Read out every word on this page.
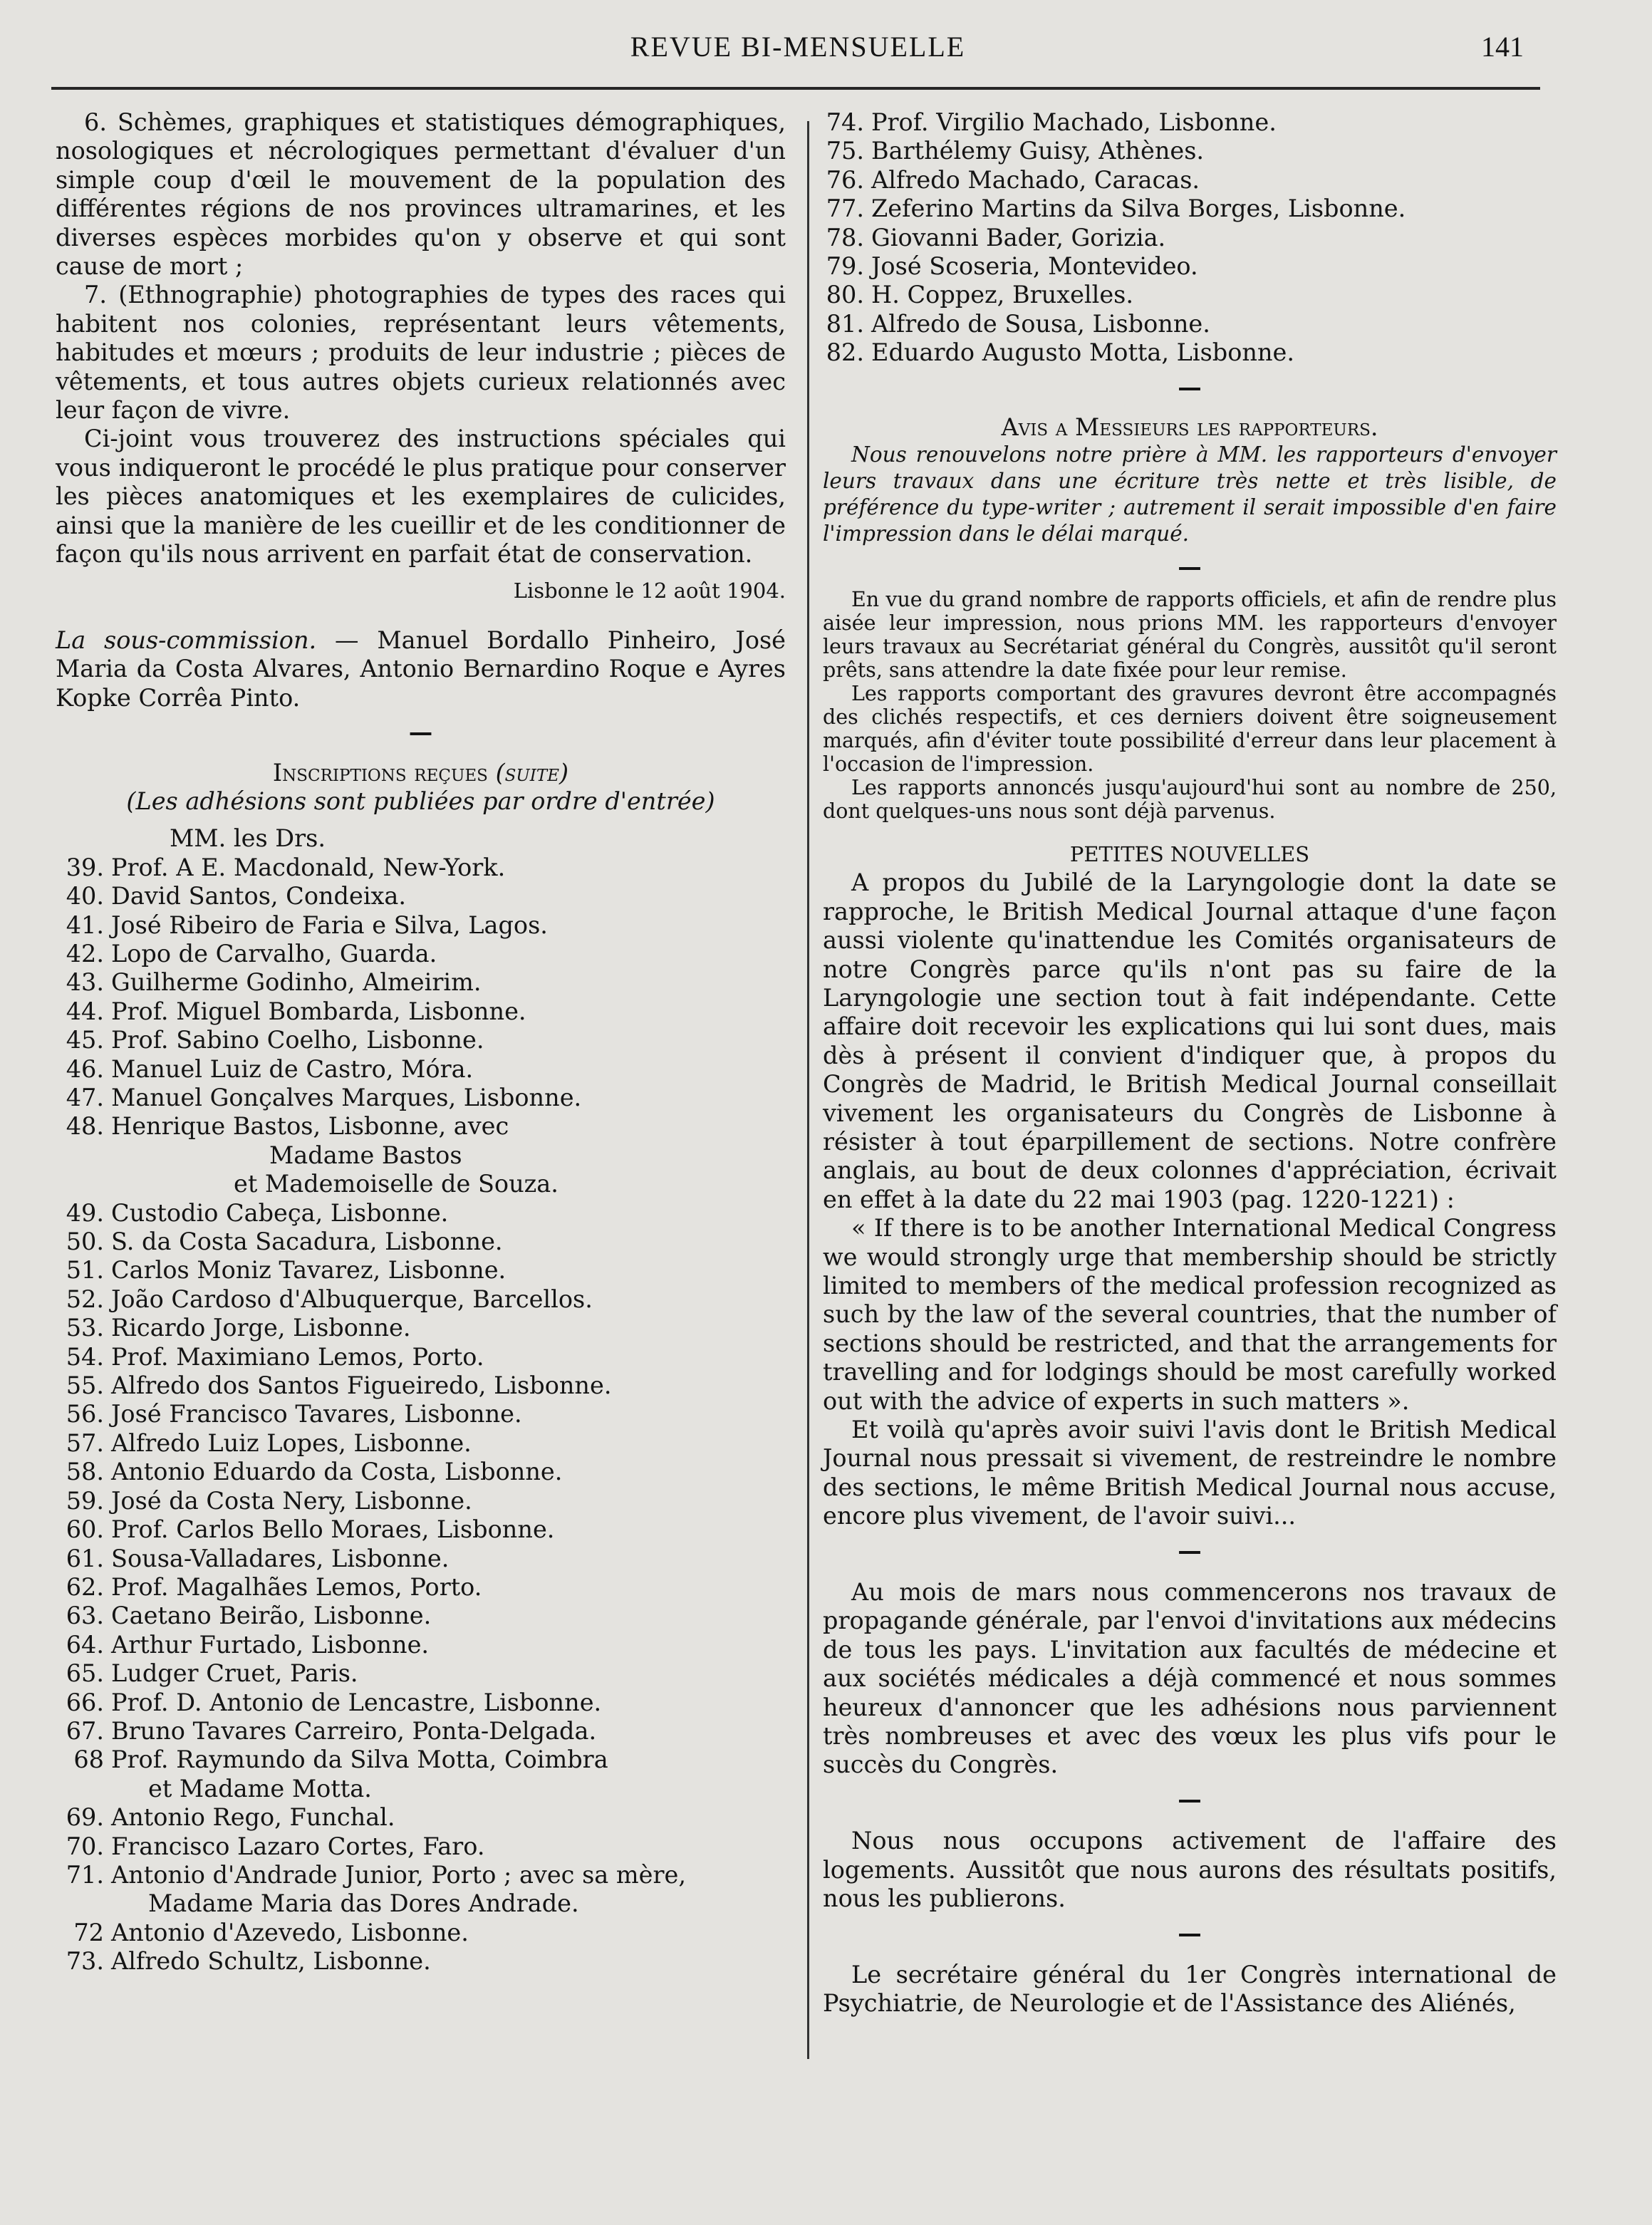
REVUE BI-MENSUELLE	141

6. Schèmes, graphiques et statistiques démographiques, nosologiques et nécrologiques permettant d'évaluer d'un simple coup d'œil le mouvement de la population des différentes régions de nos provinces ultramarines, et les diverses espèces morbides qu'on y observe et qui sont cause de mort ;

7. (Ethnographie) photographies de types des races qui habitent nos colonies, représentant leurs vêtements, habitudes et mœurs ; produits de leur industrie ; pièces de vêtements, et tous autres objets curieux relationnés avec leur façon de vivre.

Ci-joint vous trouverez des instructions spéciales qui vous indiqueront le procédé le plus pratique pour conserver les pièces anatomiques et les exemplaires de culicides, ainsi que la manière de les cueillir et de les conditionner de façon qu'ils nous arrivent en parfait état de conservation.

Lisbonne le 12 août 1904.

La sous-commission. — Manuel Bordallo Pinheiro, José Maria da Costa Alvares, Antonio Bernardino Roque e Ayres Kopke Corrêa Pinto.

—

Inscriptions reçues (suite)

(Les adhésions sont publiées par ordre d'entrée)

MM. les Drs.

39. Prof. A E. Macdonald, New-York.
40. David Santos, Condeixa.
41. José Ribeiro de Faria e Silva, Lagos.
42. Lopo de Carvalho, Guarda.
43. Guilherme Godinho, Almeirim.
44. Prof. Miguel Bombarda, Lisbonne.
45. Prof. Sabino Coelho, Lisbonne.
46. Manuel Luiz de Castro, Móra.
47. Manuel Gonçalves Marques, Lisbonne.
48. Henrique Bastos, Lisbonne, avec
Madame Bastos
et Mademoiselle de Souza.
49. Custodio Cabeça, Lisbonne.
50. S. da Costa Sacadura, Lisbonne.
51. Carlos Moniz Tavarez, Lisbonne.
52. João Cardoso d'Albuquerque, Barcellos.
53. Ricardo Jorge, Lisbonne.
54. Prof. Maximiano Lemos, Porto.
55. Alfredo dos Santos Figueiredo, Lisbonne.
56. José Francisco Tavares, Lisbonne.
57. Alfredo Luiz Lopes, Lisbonne.
58. Antonio Eduardo da Costa, Lisbonne.
59. José da Costa Nery, Lisbonne.
60. Prof. Carlos Bello Moraes, Lisbonne.
61. Sousa-Valladares, Lisbonne.
62. Prof. Magalhães Lemos, Porto.
63. Caetano Beirão, Lisbonne.
64. Arthur Furtado, Lisbonne.
65. Ludger Cruet, Paris.
66. Prof. D. Antonio de Lencastre, Lisbonne.
67. Bruno Tavares Carreiro, Ponta-Delgada.
68 Prof. Raymundo da Silva Motta, Coimbra
et Madame Motta.
69. Antonio Rego, Funchal.
70. Francisco Lazaro Cortes, Faro.
71. Antonio d'Andrade Junior, Porto ; avec sa mère,
Madame Maria das Dores Andrade.
72 Antonio d'Azevedo, Lisbonne.
73. Alfredo Schultz, Lisbonne.
74. Prof. Virgilio Machado, Lisbonne.
75. Barthélemy Guisy, Athènes.
76. Alfredo Machado, Caracas.
77. Zeferino Martins da Silva Borges, Lisbonne.
78. Giovanni Bader, Gorizia.
79. José Scoseria, Montevideo.
80. H. Coppez, Bruxelles.
81. Alfredo de Sousa, Lisbonne.
82. Eduardo Augusto Motta, Lisbonne.

—

Avis a Messieurs les rapporteurs.

Nous renouvelons notre prière à MM. les rapporteurs d'envoyer leurs travaux dans une écriture très nette et très lisible, de préférence du type-writer ; autrement il serait impossible d'en faire l'impression dans le délai marqué.

—

En vue du grand nombre de rapports officiels, et afin de rendre plus aisée leur impression, nous prions MM. les rapporteurs d'envoyer leurs travaux au Secrétariat général du Congrès, aussitôt qu'il seront prêts, sans attendre la date fixée pour leur remise.

Les rapports comportant des gravures devront être accompagnés des clichés respectifs, et ces derniers doivent être soigneusement marqués, afin d'éviter toute possibilité d'erreur dans leur placement à l'occasion de l'impression.

Les rapports annoncés jusqu'aujourd'hui sont au nombre de 250, dont quelques-uns nous sont déjà parvenus.

PETITES NOUVELLES

A propos du Jubilé de la Laryngologie dont la date se rapproche, le British Medical Journal attaque d'une façon aussi violente qu'inattendue les Comités organisateurs de notre Congrès parce qu'ils n'ont pas su faire de la Laryngologie une section tout à fait indépendante. Cette affaire doit recevoir les explications qui lui sont dues, mais dès à présent il convient d'indiquer que, à propos du Congrès de Madrid, le British Medical Journal conseillait vivement les organisateurs du Congrès de Lisbonne à résister à tout éparpillement de sections. Notre confrère anglais, au bout de deux colonnes d'appréciation, écrivait en effet à la date du 22 mai 1903 (pag. 1220-1221) :

« If there is to be another International Medical Congress we would strongly urge that membership should be strictly limited to members of the medical profession recognized as such by the law of the several countries, that the number of sections should be restricted, and that the arrangements for travelling and for lodgings should be most carefully worked out with the advice of experts in such matters ».

Et voilà qu'après avoir suivi l'avis dont le British Medical Journal nous pressait si vivement, de restreindre le nombre des sections, le même British Medical Journal nous accuse, encore plus vivement, de l'avoir suivi...

—

Au mois de mars nous commencerons nos travaux de propagande générale, par l'envoi d'invitations aux médecins de tous les pays. L'invitation aux facultés de médecine et aux sociétés médicales a déjà commencé et nous sommes heureux d'annoncer que les adhésions nous parviennent très nombreuses et avec des vœux les plus vifs pour le succès du Congrès.

—

Nous nous occupons activement de l'affaire des logements. Aussitôt que nous aurons des résultats positifs, nous les publierons.

—

Le secrétaire général du 1er Congrès international de Psychiatrie, de Neurologie et de l'Assistance des Aliénés,
